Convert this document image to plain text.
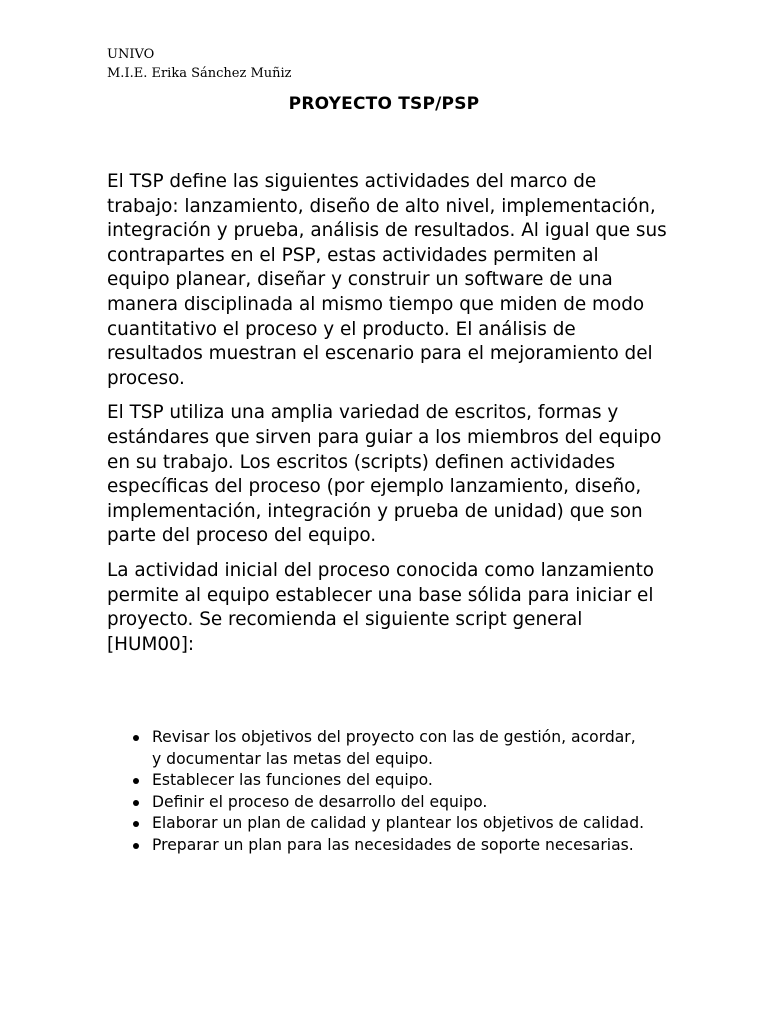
UNIVO
M.I.E. Erika Sánchez Muñiz
PROYECTO TSP/PSP

El TSP define las siguientes actividades del marco de trabajo: lanzamiento, diseño de alto nivel, implementación, integración y prueba, análisis de resultados. Al igual que sus contrapartes en el PSP, estas actividades permiten al equipo planear, diseñar y construir un software de una manera disciplinada al mismo tiempo que miden de modo cuantitativo el proceso y el producto. El análisis de resultados muestran el escenario para el mejoramiento del proceso.

El TSP utiliza una amplia variedad de escritos, formas y estándares que sirven para guiar a los miembros del equipo en su trabajo. Los escritos (scripts) definen actividades específicas del proceso (por ejemplo lanzamiento, diseño, implementación, integración y prueba de unidad) que son parte del proceso del equipo.

La actividad inicial del proceso conocida como lanzamiento permite al equipo establecer una base sólida para iniciar el proyecto. Se recomienda el siguiente script general [HUM00]:

Revisar los objetivos del proyecto con las de gestión, acordar, y documentar las metas del equipo.
Establecer las funciones del equipo.
Definir el proceso de desarrollo del equipo.
Elaborar un plan de calidad y plantear los objetivos de calidad.
Preparar un plan para las necesidades de soporte necesarias.
